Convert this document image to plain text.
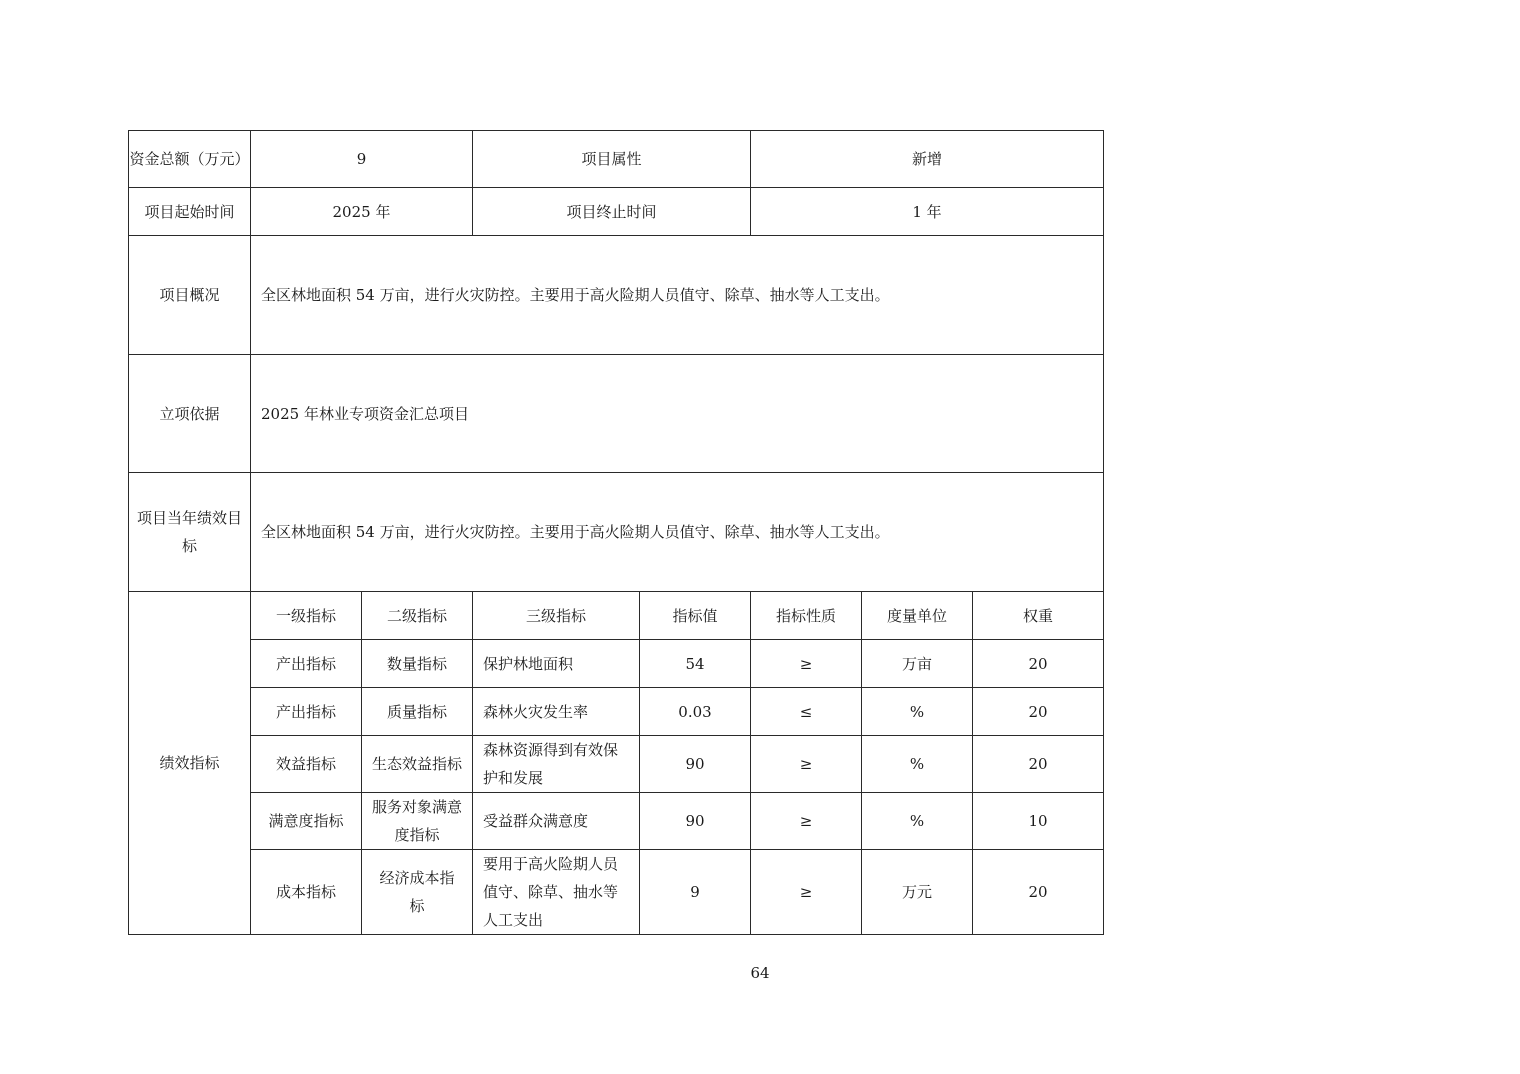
资金总额（万元）	9		项目属性		新增		
项目起始时间	2025 年		项目终止时间		1 年		
项目概况	全区林地面积 54 万亩，进行火灾防控。主要用于高火险期人员值守、除草、抽水等人工支出。						
立项依据	2025 年林业专项资金汇总项目						
项目当年绩效目标	全区林地面积 54 万亩，进行火灾防控。主要用于高火险期人员值守、除草、抽水等人工支出。						
绩效指标	一级指标	二级指标	三级指标	指标值	指标性质	度量单位	权重
	产出指标	数量指标	保护林地面积	54	≥	万亩	20
	产出指标	质量指标	森林火灾发生率	0.03	≤	%	20
	效益指标	生态效益指标	森林资源得到有效保护和发展	90	≥	%	20
	满意度指标	服务对象满意度指标	受益群众满意度	90	≥	%	10
	成本指标	经济成本指标	要用于高火险期人员值守、除草、抽水等人工支出	9	≥	万元	20
64
